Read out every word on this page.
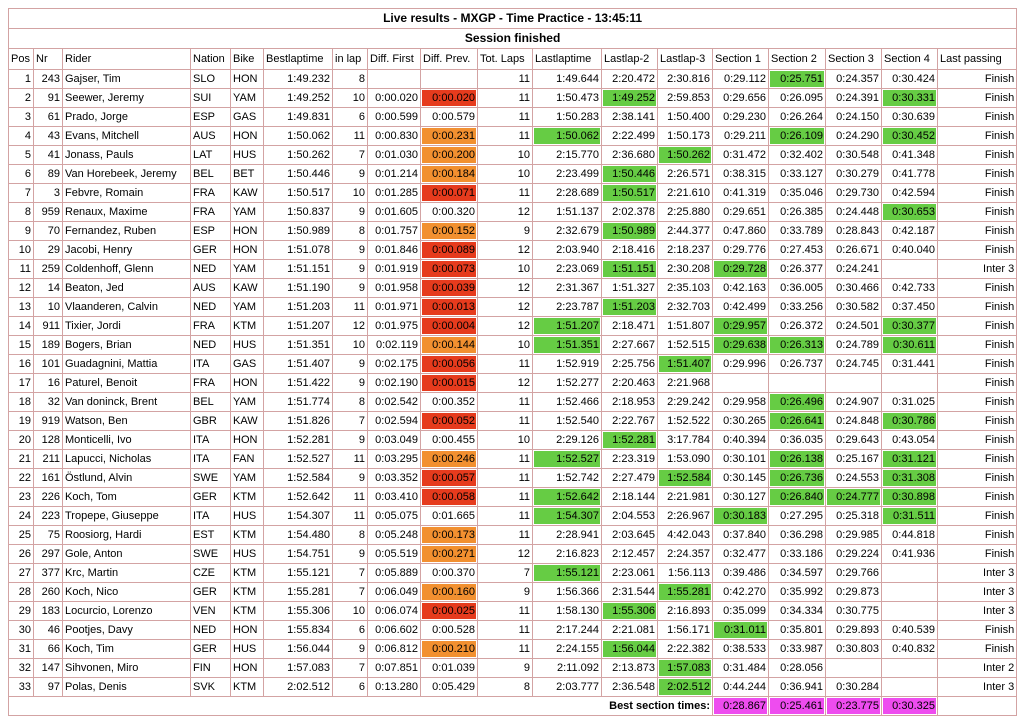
Live results - MXGP - Time Practice - 13:45:11																	
Session finished																	
Pos	Nr	Rider	Nation	Bike	Bestlaptime	in lap	Diff. First	Diff. Prev.	Tot. Laps	Lastlaptime	Lastlap-2	Lastlap-3	Section 1	Section 2	Section 3	Section 4	Last passing
1	243	Gajser, Tim	SLO	HON	1:49.232	8			11	1:49.644	2:20.472	2:30.816	0:29.112	0:25.751	0:24.357	0:30.424	Finish
2	91	Seewer, Jeremy	SUI	YAM	1:49.252	10	0:00.020	0:00.020	11	1:50.473	1:49.252	2:59.853	0:29.656	0:26.095	0:24.391	0:30.331	Finish
3	61	Prado, Jorge	ESP	GAS	1:49.831	6	0:00.599	0:00.579	11	1:50.283	2:38.141	1:50.400	0:29.230	0:26.264	0:24.150	0:30.639	Finish
4	43	Evans, Mitchell	AUS	HON	1:50.062	11	0:00.830	0:00.231	11	1:50.062	2:22.499	1:50.173	0:29.211	0:26.109	0:24.290	0:30.452	Finish
5	41	Jonass, Pauls	LAT	HUS	1:50.262	7	0:01.030	0:00.200	10	2:15.770	2:36.680	1:50.262	0:31.472	0:32.402	0:30.548	0:41.348	Finish
6	89	Van Horebeek, Jeremy	BEL	BET	1:50.446	9	0:01.214	0:00.184	10	2:23.499	1:50.446	2:26.571	0:38.315	0:33.127	0:30.279	0:41.778	Finish
7	3	Febvre, Romain	FRA	KAW	1:50.517	10	0:01.285	0:00.071	11	2:28.689	1:50.517	2:21.610	0:41.319	0:35.046	0:29.730	0:42.594	Finish
8	959	Renaux, Maxime	FRA	YAM	1:50.837	9	0:01.605	0:00.320	12	1:51.137	2:02.378	2:25.880	0:29.651	0:26.385	0:24.448	0:30.653	Finish
9	70	Fernandez, Ruben	ESP	HON	1:50.989	8	0:01.757	0:00.152	9	2:32.679	1:50.989	2:44.377	0:47.860	0:33.789	0:28.843	0:42.187	Finish
10	29	Jacobi, Henry	GER	HON	1:51.078	9	0:01.846	0:00.089	12	2:03.940	2:18.416	2:18.237	0:29.776	0:27.453	0:26.671	0:40.040	Finish
11	259	Coldenhoff, Glenn	NED	YAM	1:51.151	9	0:01.919	0:00.073	10	2:23.069	1:51.151	2:30.208	0:29.728	0:26.377	0:24.241		Inter 3
12	14	Beaton, Jed	AUS	KAW	1:51.190	9	0:01.958	0:00.039	12	2:31.367	1:51.327	2:35.103	0:42.163	0:36.005	0:30.466	0:42.733	Finish
13	10	Vlaanderen, Calvin	NED	YAM	1:51.203	11	0:01.971	0:00.013	12	2:23.787	1:51.203	2:32.703	0:42.499	0:33.256	0:30.582	0:37.450	Finish
14	911	Tixier, Jordi	FRA	KTM	1:51.207	12	0:01.975	0:00.004	12	1:51.207	2:18.471	1:51.807	0:29.957	0:26.372	0:24.501	0:30.377	Finish
15	189	Bogers, Brian	NED	HUS	1:51.351	10	0:02.119	0:00.144	10	1:51.351	2:27.667	1:52.515	0:29.638	0:26.313	0:24.789	0:30.611	Finish
16	101	Guadagnini, Mattia	ITA	GAS	1:51.407	9	0:02.175	0:00.056	11	1:52.919	2:25.756	1:51.407	0:29.996	0:26.737	0:24.745	0:31.441	Finish
17	16	Paturel, Benoit	FRA	HON	1:51.422	9	0:02.190	0:00.015	12	1:52.277	2:20.463	2:21.968					Finish
18	32	Van doninck, Brent	BEL	YAM	1:51.774	8	0:02.542	0:00.352	11	1:52.466	2:18.953	2:29.242	0:29.958	0:26.496	0:24.907	0:31.025	Finish
19	919	Watson, Ben	GBR	KAW	1:51.826	7	0:02.594	0:00.052	11	1:52.540	2:22.767	1:52.522	0:30.265	0:26.641	0:24.848	0:30.786	Finish
20	128	Monticelli, Ivo	ITA	HON	1:52.281	9	0:03.049	0:00.455	10	2:29.126	1:52.281	3:17.784	0:40.394	0:36.035	0:29.643	0:43.054	Finish
21	211	Lapucci, Nicholas	ITA	FAN	1:52.527	11	0:03.295	0:00.246	11	1:52.527	2:23.319	1:53.090	0:30.101	0:26.138	0:25.167	0:31.121	Finish
22	161	Östlund, Alvin	SWE	YAM	1:52.584	9	0:03.352	0:00.057	11	1:52.742	2:27.479	1:52.584	0:30.145	0:26.736	0:24.553	0:31.308	Finish
23	226	Koch, Tom	GER	KTM	1:52.642	11	0:03.410	0:00.058	11	1:52.642	2:18.144	2:21.981	0:30.127	0:26.840	0:24.777	0:30.898	Finish
24	223	Tropepe, Giuseppe	ITA	HUS	1:54.307	11	0:05.075	0:01.665	11	1:54.307	2:04.553	2:26.967	0:30.183	0:27.295	0:25.318	0:31.511	Finish
25	75	Roosiorg, Hardi	EST	KTM	1:54.480	8	0:05.248	0:00.173	11	2:28.941	2:03.645	4:42.043	0:37.840	0:36.298	0:29.985	0:44.818	Finish
26	297	Gole, Anton	SWE	HUS	1:54.751	9	0:05.519	0:00.271	12	2:16.823	2:12.457	2:24.357	0:32.477	0:33.186	0:29.224	0:41.936	Finish
27	377	Krc, Martin	CZE	KTM	1:55.121	7	0:05.889	0:00.370	7	1:55.121	2:23.061	1:56.113	0:39.486	0:34.597	0:29.766		Inter 3
28	260	Koch, Nico	GER	KTM	1:55.281	7	0:06.049	0:00.160	9	1:56.366	2:31.544	1:55.281	0:42.270	0:35.992	0:29.873		Inter 3
29	183	Locurcio, Lorenzo	VEN	KTM	1:55.306	10	0:06.074	0:00.025	11	1:58.130	1:55.306	2:16.893	0:35.099	0:34.334	0:30.775		Inter 3
30	46	Pootjes, Davy	NED	HON	1:55.834	6	0:06.602	0:00.528	11	2:17.244	2:21.081	1:56.171	0:31.011	0:35.801	0:29.893	0:40.539	Finish
31	66	Koch, Tim	GER	HUS	1:56.044	9	0:06.812	0:00.210	11	2:24.155	1:56.044	2:22.382	0:38.533	0:33.987	0:30.803	0:40.832	Finish
32	147	Sihvonen, Miro	FIN	HON	1:57.083	7	0:07.851	0:01.039	9	2:11.092	2:13.873	1:57.083	0:31.484	0:28.056			Inter 2
33	97	Polas, Denis	SVK	KTM	2:02.512	6	0:13.280	0:05.429	8	2:03.777	2:36.548	2:02.512	0:44.244	0:36.941	0:30.284		Inter 3
Best section times:													0:28.867	0:25.461	0:23.775	0:30.325	
